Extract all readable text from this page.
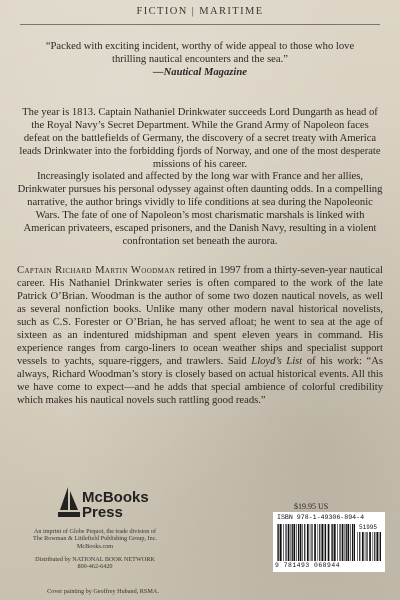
FICTION | MARITIME
“Packed with exciting incident, worthy of wide appeal to those who love thrilling nautical encounters and the sea.”
—Nautical Magazine
The year is 1813. Captain Nathaniel Drinkwater succeeds Lord Dungarth as head of the Royal Navy’s Secret Department. While the Grand Army of Napoleon faces defeat on the battlefields of Germany, the discovery of a secret treaty with America leads Drinkwater into the forbidding fjords of Norway, and one of the most desperate missions of his career.
Increasingly isolated and affected by the long war with France and her allies, Drinkwater pursues his personal odyssey against often daunting odds. In a compelling narrative, the author brings vividly to life conditions at sea during the Napoleonic Wars. The fate of one of Napoleon’s most charismatic marshals is linked with American privateers, escaped prisoners, and the Danish Navy, resulting in a violent confrontation set beneath the aurora.
Captain Richard Martin Woodman retired in 1997 from a thirty-seven-year nautical career. His Nathaniel Drinkwater series is often compared to the work of the late Patrick O’Brian. Woodman is the author of some two dozen nautical novels, as well as several nonfiction books. Unlike many other modern naval historical novelists, such as C.S. Forester or O’Brian, he has served afloat; he went to sea at the age of sixteen as an indentured midshipman and spent eleven years in command. His experience ranges from cargo-liners to ocean weather ships and specialist support vessels to yachts, square-riggers, and trawlers. Said Lloyd’s List of his work: “As always, Richard Woodman’s story is closely based on actual historical events. All this we have come to expect—and he adds that special ambience of colorful credibility which makes his nautical novels such rattling good reads.”
McBooks
Press
An imprint of Globe Pequot, the trade division of
The Rowman & Littlefield Publishing Group, Inc.
McBooks.com
Distributed by NATIONAL BOOK NETWORK
800-462-6420
Cover painting by Geoffrey Huband, RSMA.
$19.95 US
ISBN 978-1-49306-894-4
51995
9 781493 068944
